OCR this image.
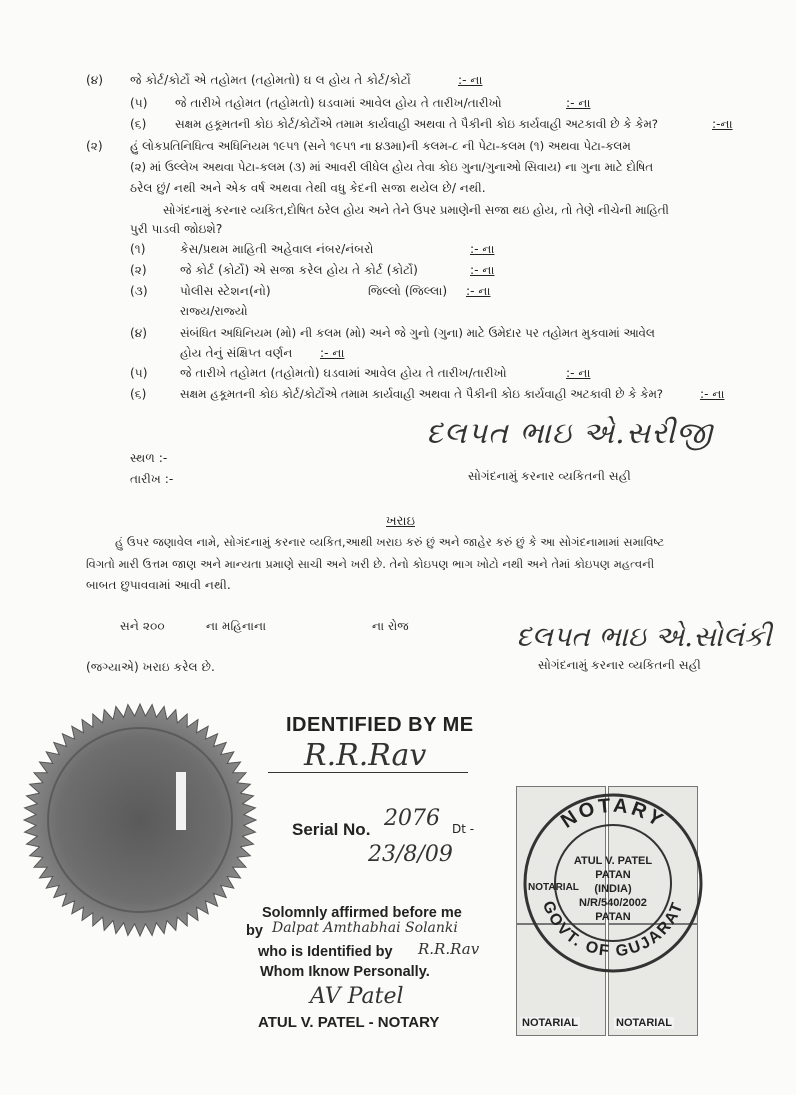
(૪) જે કોર્ટ/કોર્ટો એ તહોમત (તહોમતો) ઘ લ હોય તે કોર્ટ/કોર્ટો	:- ના
(૫) જે તારીખે તહોમત (તહોમતો) ઘડવામાં આવેલ હોય તે તારીખ/તારીખો	:- ના
(૬) સક્ષમ હકૂમતની કોઇ કોર્ટ/કોર્ટોએ તમામ કાર્યવાહી અથવા તે પૈકીની કોઇ કાર્યવાહી અટકાવી છે કે કેમ?	:-ના
(૨) હું લોકપ્રતિનિધિત્વ અધિનિયમ ૧૯૫૧ (સને ૧૯૫૧ ના ૪૩મા)ની કલમ-૮ ની પેટા-કલમ (૧) અથવા પેટા-કલમ
(૨) માં ઉલ્લેખ અથવા પેટા-કલમ (૩) માં આવરી લીધેલ હોય તેવા કોઇ ગુના/ગુનાઓ સિવાય) ના ગુના માટે દોષિત
ઠરેલ છું/ નથી અને એક વર્ષ અથવા તેથી વધુ કેદની સજા થયેલ છે/ નથી.
સોગંદનામું કરનાર વ્યકિત,દોષિત ઠરેલ હોય અને તેને ઉપર પ્રમાણેની સજા થઇ હોય, તો તેણે નીચેની માહિતી
પુરી પાડવી જોઇશે?
(૧)	કેસ/પ્રથમ માહિતી અહેવાલ નંબર/નંબરો	:- ના
(૨)	જે કોર્ટ (કોર્ટો) એ સજા કરેલ હોય તે કોર્ટ (કોર્ટો)	:- ના
(૩)	પોલીસ સ્ટેશન(નો)	જિલ્લો (જિલ્લા) :- ના
રાજ્ય/રાજ્યો
(૪)	સંબંધિત અધિનિયમ (મો) ની કલમ (મો) અને જે ગુનો (ગુના) માટે ઉમેદાર પર તહોમત મુકવામાં આવેલ
હોય તેનું સંક્ષિપ્ત વર્ણન :- ના
(૫)	જે તારીખે તહોમત (તહોમતો) ઘડવામાં આવેલ હોય તે તારીખ/તારીખો	:- ના
(૬)	સક્ષમ હકૂમતની કોઇ કોર્ટ/કોર્ટોએ તમામ કાર્યવાહી અથવા તે પૈકીની કોઇ કાર્યવાહી અટકાવી છે કે કેમ?	:- ના
સ્થળ :-
તારીખ :-
દલપત ભાઇ એ.સરીજી
સોગંદનામું કરનાર વ્યકિતની સહી
ખરાઇ
હું ઉપર જણાવેલ નામે, સોગંદનામું કરનાર વ્યકિત,આથી ખરાઇ કરું છું અને જાહેર કરું છું કે આ સોગંદનામામાં સમાવિષ્ટ
વિગતો મારી ઉત્તમ જાણ અને માન્યતા પ્રમાણે સાચી અને ખરી છે. તેનો કોઇપણ ભાગ ખોટો નથી અને તેમાં કોઇપણ મહત્વની
બાબત છુપાવવામાં આવી નથી.
સને ૨૦૦	ના મહિનાના	ના રોજ
(જગ્યાએ) ખરાઇ કરેલ છે.
દલપત ભાઇ એ.સોલંકી
સોગંદનામું કરનાર વ્યકિતની સહી
IDENTIFIED BY ME
R.R.Rav
Serial No. 2076 Dt -
23/8/09
Solomnly affirmed before me
by Dalpat Amthabhai Solanki
who is Identified by R.R.Rav
Whom Iknow Personally.
AV Patel
ATUL V. PATEL - NOTARY	NOTARIAL	NOTARIAL
NOTARIAL
NOTARY
GOVT. OF GUJARAT
ATUL V. PATEL
PATAN
(INDIA)
N/R/540/2002
PATAN
